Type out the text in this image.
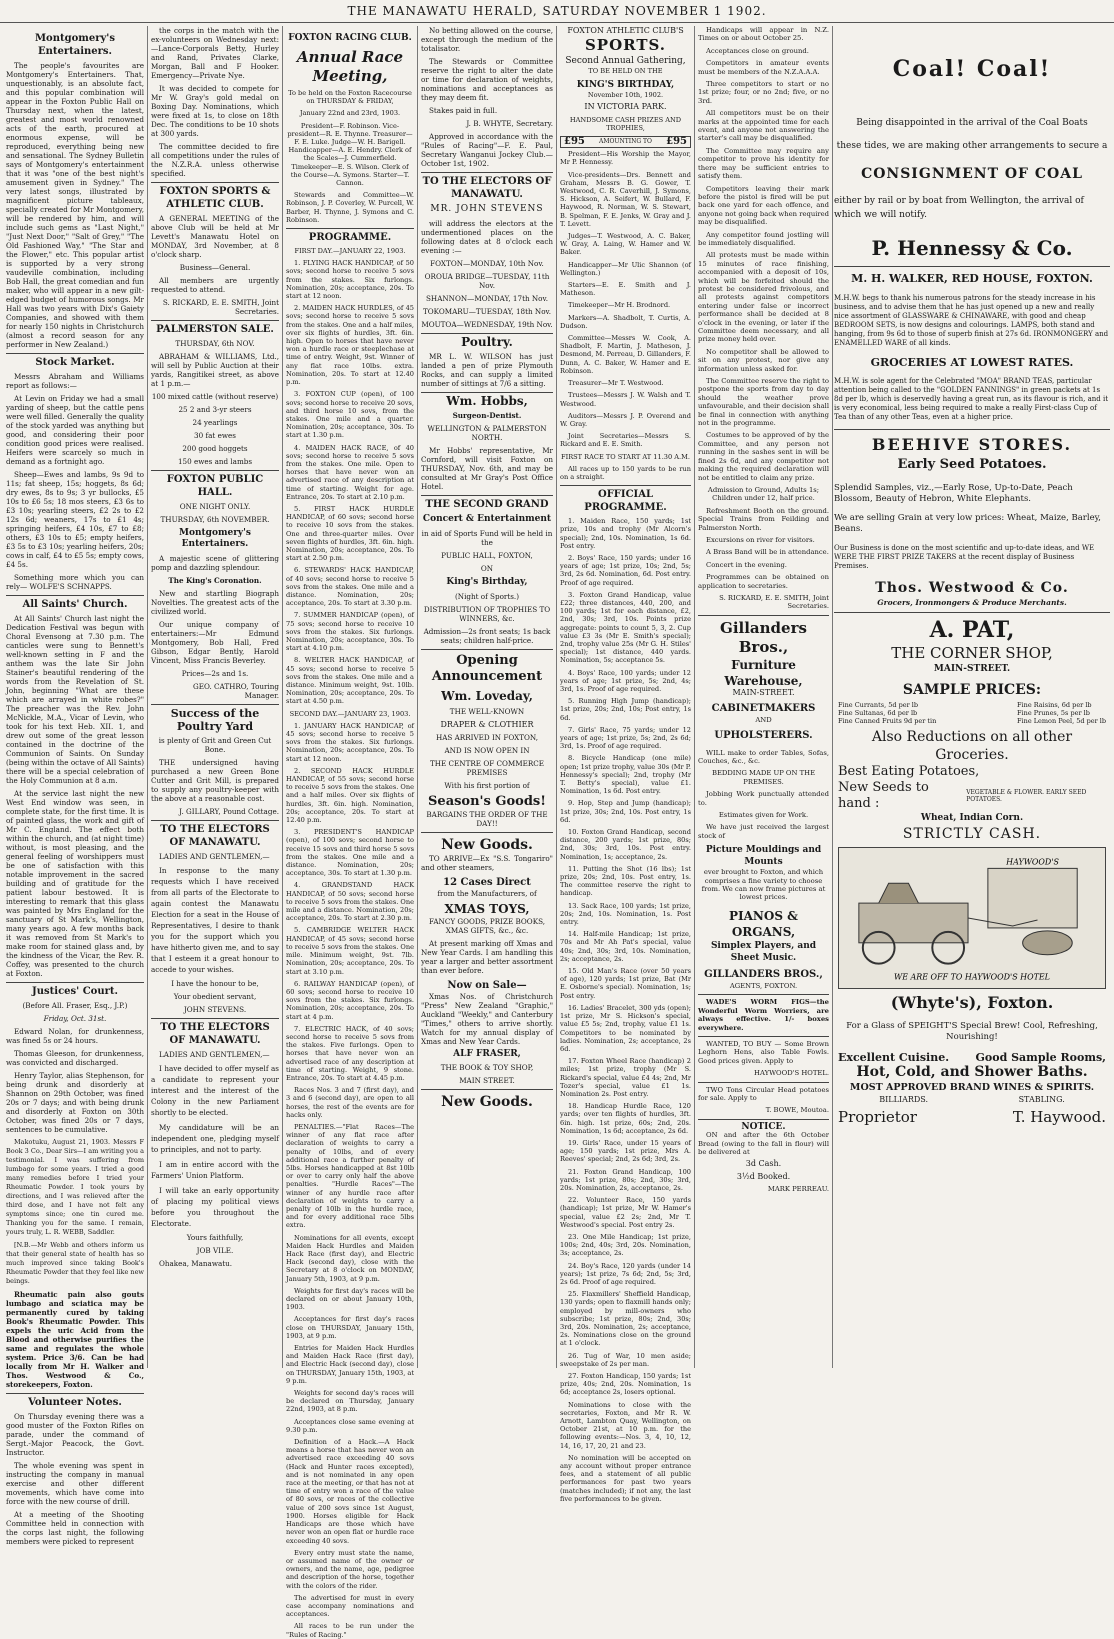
THE MANAWATU HERALD, SATURDAY NOVEMBER 1 1902.
Montgomery's Entertainers.

The people's favourites are Montgomery's Entertainers. That, unquestionably, is an absolute fact, and this popular combination will appear in the Foxton Public Hall on Thursday next, when the latest, greatest and most world renowned acts of the earth, procured at enormous expense, will be reproduced, everything being new and sensational. The Sydney Bulletin says of Montgomery's entertainment that it was "one of the best night's amusement given in Sydney." The very latest songs, illustrated by magnificent picture tableaux, specially created for Mr Montgomery, will be rendered by him, and will include such gems as "Last Night," "Just Next Door," "Salt of Grey," "The Old Fashioned Way," "The Star and the Flower," etc. This popular artist is supported by a very strong vaudeville combination, including Bob Hall, the great comedian and fun maker, who will appear in a new gilt-edged budget of humorous songs. Mr Hall was two years with Dix's Gaiety Companies, and showed with them for nearly 150 nights in Christchurch (almost a record season for any performer in New Zealand.)

Stock Market.

Messrs Abraham and Williams report as follows:—

At Levin on Friday we had a small yarding of sheep, but the cattle pens were well filled. Generally the quality of the stock yarded was anything but good, and considering their poor condition good prices were realised. Heifers were scarcely so much in demand as a fortnight ago.

Sheep—Ewes and lambs, 9s 9d to 11s; fat sheep, 15s; hoggets, 8s 6d; dry ewes, 8s to 9s; 3 yr bullocks, £5 10s to £6 5s; 18 mos steers, £3 6s to £3 10s; yearling steers, £2 2s to £2 12s 6d; weaners, 17s to £1 4s; springing heifers, £4 10s, £7 to £8; others, £3 10s to £5; empty heifers, £3 5s to £3 10s; yearling heifers, 20s; cows in calf, £4 to £5 5s; empty cows, £4 5s.

Something more which you can rely— WOLFE'S SCHNAPPS.

All Saints' Church.

At All Saints' Church last night the Dedication Festival was begun with Choral Evensong at 7.30 p.m. The canticles were sung to Bennett's well-known setting in F and the anthem was the late Sir John Stainer's beautiful rendering of the words from the Revelation of St. John, beginning "What are these which are arrayed in white robes?" The preacher was the Rev. John McNickle, M.A., Vicar of Levin, who took for his text Heb. XII. 1, and drew out some of the great lesson contained in the doctrine of the Communion of Saints. On Sunday (being within the octave of All Saints) there will be a special celebration of the Holy Communion at 8 a.m.

At the service last night the new West End window was seen, in complete state, for the first time. It is of painted glass, the work and gift of Mr C. England. The effect both within the church, and (at night time) without, is most pleasing, and the general feeling of worshippers must be one of satisfaction with this notable improvement in the sacred building and of gratitude for the patient labour bestowed. It is interesting to remark that this glass was painted by Mrs England for the sanctuary of St Mark's, Wellington, many years ago. A few months back it was removed from St Mark's to make room for stained glass and, by the kindness of the Vicar, the Rev. R. Coffey, was presented to the church at Foxton.

Justices' Court.

(Before All. Fraser, Esq., J.P.)

Friday, Oct. 31st.

Edward Nolan, for drunkenness, was fined 5s or 24 hours.

Thomas Gleeson, for drunkenness, was convicted and discharged.

Henry Taylor, alias Stephenson, for being drunk and disorderly at Shannon on 29th October, was fined 20s or 7 days; and with being drunk and disorderly at Foxton on 30th October, was fined 20s or 7 days, sentences to be cumulative.

Makotuku, August 21, 1903. Messrs F Book 3 Co., Dear Sirs—I am writing you a testimonial. I was suffering from lumbago for some years. I tried a good many remedies before I tried your Rheumatic Powder. I took yours by directions, and I was relieved after the third dose, and I have not felt any symptoms since; one tin cured me. Thanking you for the same. I remain, yours truly, L. R. WEBB, Saddler.

[N.B.—Mr Webb and others inform us that their general state of health has so much improved since taking Book's Rheumatic Powder that they feel like new beings.

Rheumatic pain also gouts lumbago and sciatica may be permanently cured by taking Book's Rheumatic Powder. This expels the uric Acid from the Blood and otherwise purifies the same and regulates the whole system. Price 3/6. Can be had locally from Mr H. Walker and Thos. Westwood & Co., storekeepers, Foxton.

Volunteer Notes.

On Thursday evening there was a good muster of the Foxton Rifles on parade, under the command of Sergt.-Major Peacock, the Govt. Instructor.

The whole evening was spent in instructing the company in manual exercise and other different movements, which have come into force with the new course of drill.

At a meeting of the Shooting Committee held in connection with the corps last night, the following members were picked to represent

the corps in the match with the ex-volunteers on Wednesday next:—Lance-Corporals Betty, Hurley and Rand, Privates Clarke, Morgan, Ball and F Hooker. Emergency—Private Nye.

It was decided to compete for Mr W. Gray's gold medal on Boxing Day. Nominations, which were fixed at 1s, to close on 18th Dec. The conditions to be 10 shots at 300 yards.

The committee decided to fire all competitions under the rules of the N.Z.R.A. unless otherwise specified.

FOXTON SPORTS & ATHLETIC CLUB.

A GENERAL MEETING of the above Club will be held at Mr Levett's Manawatu Hotel on MONDAY, 3rd November, at 8 o'clock sharp.

Business—General.

All members are urgently requested to attend.

S. RICKARD, E. E. SMITH, Joint Secretaries.

PALMERSTON SALE.

THURSDAY, 6th NOV.

ABRAHAM & WILLIAMS, Ltd., will sell by Public Auction at their yards, Rangitikei street, as above at 1 p.m.—

100 mixed cattle (without reserve)

25 2 and 3-yr steers

24 yearlings

30 fat ewes

200 good hoggets

150 ewes and lambs

FOXTON PUBLIC HALL.

ONE NIGHT ONLY.

THURSDAY, 6th NOVEMBER.

Montgomery's Entertainers.

A majestic scene of glittering pomp and dazzling splendour.

The King's Coronation.

New and startling Biograph Novelties. The greatest acts of the civilized world.

Our unique company of entertainers:—Mr Edmund Montgomery, Bob Hall, Fred Gibson, Edgar Bently, Harold Vincent, Miss Francis Beverley.

Prices—2s and 1s.

GEO. CATHRO, Touring Manager.

Success of the Poultry Yard

is plenty of Grit and Green Cut Bone.

THE undersigned having purchased a new Green Bone Cutter and Grit Mill, is prepared to supply any poultry-keeper with the above at a reasonable cost.

J. GILLARY, Pound Cottage.

TO THE ELECTORS OF MANAWATU.

LADIES AND GENTLEMEN,—

In response to the many requests which I have received from all parts of the Electorate to again contest the Manawatu Election for a seat in the House of Representatives, I desire to thank you for the support which you have hitherto given me, and to say that I esteem it a great honour to accede to your wishes.

I have the honour to be,

Your obedient servant,

JOHN STEVENS.

TO THE ELECTORS OF MANAWATU.

LADIES AND GENTLEMEN,—

I have decided to offer myself as a candidate to represent your interest and the interest of the Colony in the new Parliament shortly to be elected.

My candidature will be an independent one, pledging myself to principles, and not to party.

I am in entire accord with the Farmers' Union Platform.

I will take an early opportunity of placing my political views before you throughout the Electorate.

Yours faithfully,

JOB VILE.

Ohakea, Manawatu.

FOXTON RACING CLUB.
Annual Race Meeting,

To be held on the Foxton Racecourse on THURSDAY & FRIDAY,

January 22nd and 23rd, 1903.

President—F. Robinson. Vice-president—R. E. Thynne. Treasurer—F. E. Luke. Judge—W. H. Barigell. Handicapper—A. E. Hendry. Clerk of the Scales—J. Cummerfield. Timekeeper—E. S. Wilson. Clerk of the Course—A. Symons. Starter—T. Cannon.

Stewards and Committee—W. Robinson, J. P. Coverley, W. Purcell, W. Barber, H. Thynne, J. Symons and C. Robinson.

PROGRAMME.

FIRST DAY.—JANUARY 22, 1903.

1. FLYING HACK HANDICAP, of 50 sovs; second horse to receive 5 sovs from the stakes. Six furlongs. Nomination, 20s; acceptance, 20s. To start at 12 noon.

2. MAIDEN HACK HURDLES, of 45 sovs; second horse to receive 5 sovs from the stakes. One and a half miles, over six flights of hurdles, 3ft. 6in. high. Open to horses that have never won a hurdle race or steeplechase at time of entry. Weight, 9st. Winner of any flat race 10lbs. extra. Nomination, 20s. To start at 12.40 p.m.

3. FOXTON CUP (open), of 100 sovs; second horse to receive 20 sovs, and third horse 10 sovs, from the stakes. One mile and a quarter. Nomination, 20s; acceptance, 30s. To start at 1.30 p.m.

4. MAIDEN HACK RACE, of 40 sovs; second horse to receive 5 sovs from the stakes. One mile. Open to horses that have never won an advertised race of any description at time of starting. Weight for age. Entrance, 20s. To start at 2.10 p.m.

5. FIRST HACK HURDLE HANDICAP, of 60 sovs; second horse to receive 10 sovs from the stakes. One and three-quarter miles. Over seven flights of hurdles, 3ft. 6in. high. Nomination, 20s; acceptance, 20s. To start at 2.50 p.m.

6. STEWARDS' HACK HANDICAP, of 40 sovs; second horse to receive 5 sovs from the stakes. One mile and a distance. Nomination, 20s; acceptance, 20s. To start at 3.30 p.m.

7. SUMMER HANDICAP (open), of 75 sovs; second horse to receive 10 sovs from the stakes. Six furlongs. Nomination, 20s; acceptance, 30s. To start at 4.10 p.m.

8. WELTER HACK HANDICAP, of 45 sovs; second horse to receive 5 sovs from the stakes. One mile and a distance. Minimum weight, 9st. 10lb. Nomination, 20s; acceptance, 20s. To start at 4.50 p.m.

SECOND DAY.—JANUARY 23, 1903.

1. JANUARY HACK HANDICAP, of 45 sovs; second horse to receive 5 sovs from the stakes. Six furlongs. Nomination, 20s; acceptance, 20s. To start at 12 noon.

2. SECOND HACK HURDLE HANDICAP, of 55 sovs; second horse to receive 5 sovs from the stakes. One and a half miles. Over six flights of hurdles, 3ft. 6in. high. Nomination, 20s; acceptance, 20s. To start at 12.40 p.m.

3. PRESIDENT'S HANDICAP (open), of 100 sovs; second horse to receive 15 sovs and third horse 5 sovs from the stakes. One mile and a distance. Nomination, 20s; acceptance, 30s. To start at 1.30 p.m.

4. GRANDSTAND HACK HANDICAP, of 50 sovs; second horse to receive 5 sovs from the stakes. One mile and a distance. Nomination, 20s; acceptance, 20s. To start at 2.30 p.m.

5. CAMBRIDGE WELTER HACK HANDICAP, of 45 sovs; second horse to receive 5 sovs from the stakes. One mile. Minimum weight, 9st. 7lb. Nomination, 20s; acceptance, 20s. To start at 3.10 p.m.

6. RAILWAY HANDICAP (open), of 60 sovs; second horse to receive 10 sovs from the stakes. Six furlongs. Nomination, 20s; acceptance, 20s. To start at 4 p.m.

7. ELECTRIC HACK, of 40 sovs; second horse to receive 5 sovs from the stakes. Five furlongs. Open to horses that have never won an advertised race of any description at time of starting. Weight, 9 stone. Entrance, 20s. To start at 4.45 p.m.

Races Nos. 3 and 7 (first day), and 3 and 6 (second day), are open to all horses, the rest of the events are for hacks only.

PENALTIES.—"Flat Races—The winner of any flat race after declaration of weights to carry a penalty of 10lbs, and of every additional race a further penalty of 5lbs. Horses handicapped at 8st 10lb or over to carry only half the above penalties. "Hurdle Races"—The winner of any hurdle race after declaration of weights to carry a penalty of 10lb in the hurdle race, and for every additional race 5lbs extra.

Nominations for all events, except Maiden Hack Hurdles and Maiden Hack Race (first day), and Electric Hack (second day), close with the Secretary at 8 o'clock on MONDAY, January 5th, 1903, at 9 p.m.

Weights for first day's races will be declared on or about January 10th, 1903.

Acceptances for first day's races close on THURSDAY, January 15th, 1903, at 9 p.m.

Entries for Maiden Hack Hurdles and Maiden Hack Race (first day), and Electric Hack (second day), close on THURSDAY, January 15th, 1903, at 9 p.m.

Weights for second day's races will be declared on Thursday, January 22nd, 1903, at 8 p.m.

Acceptances close same evening at 9.30 p.m.

Definition of a Hack.—A Hack means a horse that has never won an advertised race exceeding 40 sovs (Hack and Hunter races excepted), and is not nominated in any open race at the meeting, or that has not at time of entry won a race of the value of 80 sovs, or races of the collective value of 200 sovs since 1st August, 1900. Horses eligible for Hack Handicaps are those which have never won an open flat or hurdle race exceeding 40 sovs.

Every entry must state the name, or assumed name of the owner or owners, and the name, age, pedigree and description of the horse, together with the colors of the rider.

The advertised for must in every case accompany nominations and acceptances.

All races to be run under the "Rules of Racing."

No betting allowed on the course, except through the medium of the totalisator.

The Stewards or Committee reserve the right to alter the date or time for declaration of weights, nominations and acceptances as they may deem fit.

Stakes paid in full.

J. B. WHYTE, Secretary.

Approved in accordance with the "Rules of Racing"—F. E. Paul, Secretary Wanganui Jockey Club.—October 1st, 1902.

TO THE ELECTORS OF MANAWATU.

MR. JOHN STEVENS

will address the electors at the undermentioned places on the following dates at 8 o'clock each evening :—

FOXTON—MONDAY, 10th Nov.

OROUA BRIDGE—TUESDAY, 11th Nov.

SHANNON—MONDAY, 17th Nov.

TOKOMARU—TUESDAY, 18th Nov.

MOUTOA—WEDNESDAY, 19th Nov.

Poultry.

MR L. W. WILSON has just landed a pen of prize Plymouth Rocks, and can supply a limited number of sittings at 7/6 a sitting.

Wm. Hobbs,

Surgeon-Dentist.

WELLINGTON & PALMERSTON NORTH.

Mr Hobbs' representative, Mr Cornford, will visit Foxton on THURSDAY, Nov. 6th, and may be consulted at Mr Gray's Post Office Hotel.

THE SECOND GRAND

Concert & Entertainment

in aid of Sports Fund will be held in the

PUBLIC HALL, FOXTON,

ON

King's Birthday,

(Night of Sports.)

DISTRIBUTION OF TROPHIES TO WINNERS, &c.

Admission—2s front seats; 1s back seats; children half-price.

Opening Announcement
Wm. Loveday,

THE WELL-KNOWN

DRAPER & CLOTHIER

HAS ARRIVED IN FOXTON,

AND IS NOW OPEN IN

THE CENTRE OF COMMERCE PREMISES

With his first portion of

Season's Goods!

BARGAINS THE ORDER OF THE DAY!!

New Goods.

TO ARRIVE—Ex "S.S. Tongariro" and other steamers,

12 Cases Direct

from the Manufacturers, of

XMAS TOYS,

FANCY GOODS, PRIZE BOOKS, XMAS GIFTS, &c., &c.

At present marking off Xmas and New Year Cards. I am handling this year a larger and better assortment than ever before.

Now on Sale—

Xmas Nos. of Christchurch "Press" New Zealand "Graphic," Auckland "Weekly," and Canterbury "Times," others to arrive shortly. Watch for my annual display of Xmas and New Year Cards.

ALF FRASER,

THE BOOK & TOY SHOP,

MAIN STREET.

New Goods.
FOXTON ATHLETIC CLUB'S
SPORTS.
Second Annual Gathering,

TO BE HELD ON THE

KING'S BIRTHDAY,

November 10th, 1902.

IN VICTORIA PARK.

HANDSOME CASH PRIZES AND TROPHIES,

£95 AMOUNTING TO £95

President—His Worship the Mayor, Mr P. Hennessy.

Vice-presidents—Drs. Bennett and Graham, Messrs B. G. Gower, T. Westwood, C. R. Caverhill, J. Symons, S. Hickson, A. Seifert, W. Bullard, F. Haywood, R. Norman, W. S. Stewart, B. Spelman, F. E. Jenks, W. Gray and J. T. Levett.

Judges—T. Westwood, A. C. Baker, W. Gray, A. Laing, W. Hamer and W. Baker.

Handicapper—Mr Ulic Shannon (of Wellington.)

Starters—E. E. Smith and J. Matheson.

Timekeeper—Mr H. Brodnord.

Markers—A. Shadbolt, T. Curtis, A. Dudson.

Committee—Messrs W. Cook, A. Shadbolt, F. Martin, J. Matheson, J. Desmond, M. Perreau, D. Gillanders, F. Dunn, A. C. Baker, W. Hamer and E. Robinson.

Treasurer—Mr T. Westwood.

Trustees—Messrs J. W. Walsh and T. Westwood.

Auditors—Messrs J. P. Overend and W. Gray.

Joint Secretaries—Messrs S. Rickard and E. E. Smith.

FIRST RACE TO START AT 11.30 A.M.

All races up to 150 yards to be run on a straight.

OFFICIAL PROGRAMME.

1. Maiden Race, 150 yards; 1st prize, 10s and trophy (Mr Alcorn's special); 2nd, 10s. Nomination, 1s 6d. Post entry.

2. Boys' Race, 150 yards; under 16 years of age; 1st prize, 10s; 2nd, 5s; 3rd, 2s 6d. Nomination, 6d. Post entry. Proof of age required.

3. Foxton Grand Handicap, value £22; three distances, 440, 200, and 100 yards; 1st for each distance, £2, 2nd, 30s; 3rd, 10s. Points prize aggregate: points to count 5, 3, 2. Cup value £3 3s (Mr E. Smith's special); 2nd, trophy value 25s (Mr G. H. Stiles' special); 1st distance, 440 yards. Nomination, 5s; acceptance 5s.

4. Boys' Race, 100 yards; under 12 years of age; 1st prize, 5s; 2nd, 4s; 3rd, 1s. Proof of age required.

5. Running High Jump (handicap); 1st prize, 20s; 2nd, 10s; Post entry, 1s 6d.

7. Girls' Race, 75 yards; under 12 years of age; 1st prize, 5s; 2nd, 2s 6d; 3rd, 1s. Proof of age required.

8. Bicycle Handicap (one mile) open; 1st prize trophy, value 30s (Mr P. Hennessy's special); 2nd, trophy (Mr T. Betty's special), value £1. Nomination, 1s 6d. Post entry.

9. Hop, Step and Jump (handicap); 1st prize, 30s; 2nd, 10s. Post entry, 1s 6d.

10. Foxton Grand Handicap, second distance, 200 yards; 1st prize, 80s; 2nd, 30s; 3rd, 10s. Post entry. Nomination, 1s; acceptance, 2s.

11. Putting the Shot (16 lbs); 1st prize, 20s; 2nd, 10s. Post entry, 1s. The committee reserve the right to handicap.

13. Sack Race, 100 yards; 1st prize, 20s; 2nd, 10s. Nomination, 1s. Post entry.

14. Half-mile Handicap; 1st prize, 70s and Mr Ah Pat's special, value 40s; 2nd, 30s; 3rd, 10s. Nomination, 2s; acceptance, 2s.

15. Old Man's Race (over 50 years of age), 120 yards; 1st prize, Bat (Mr E. Osborne's special). Nomination, 1s; Post entry.

16. Ladies' Bracelet, 300 yds (open); 1st prize, Mr S. Hickson's special, value £5 5s; 2nd, trophy, value £1 1s. Competitors to be nominated by ladies. Nomination, 2s; acceptance, 2s 6d.

17. Foxton Wheel Race (handicap) 2 miles; 1st prize, trophy (Mr S. Rickard's special, value £4 4s; 2nd, Mr Tozer's special, value £1 1s. Nomination 2s. Post entry.

18. Handicap Hurdle Race, 120 yards; over ten flights of hurdles, 3ft. 6in. high. 1st prize, 60s; 2nd, 20s. Nomination, 1s 6d; acceptance, 2s 6d.

19. Girls' Race, under 15 years of age; 150 yards; 1st prize, Mrs A. Reeves' special; 2nd, 2s 6d; 3rd, 2s.

21. Foxton Grand Handicap, 100 yards; 1st prize, 80s; 2nd, 30s; 3rd, 20s. Nomination, 2s, acceptance, 2s.

22. Volunteer Race, 150 yards (handicap); 1st prize, Mr W. Hamer's special, value £2 2s; 2nd, Mr T. Westwood's special. Post entry 2s.

23. One Mile Handicap; 1st prize, 100s; 2nd, 40s; 3rd, 20s. Nomination, 3s; acceptance, 2s.

24. Boy's Race, 120 yards (under 14 years); 1st prize, 7s 6d; 2nd, 5s; 3rd, 2s 6d. Proof of age required.

25. Flaxmillers' Sheffield Handicap, 130 yards; open to flaxmill hands only; employed by mill-owners who subscribe; 1st prize, 80s; 2nd, 30s; 3rd, 20s. Nomination, 2s; acceptance, 2s. Nominations close on the ground at 1 o'clock.

26. Tug of War, 10 men aside; sweepstake of 2s per man.

27. Foxton Handicap, 150 yards; 1st prize, 40s; 2nd, 20s. Nomination, 1s 6d; acceptance 2s, losers optional.

Nominations to close with the secretaries, Foxton, and Mr R. W. Arnott, Lambton Quay, Wellington, on October 21st, at 10 p.m. for the following events:—Nos. 3, 4, 10, 12, 14, 16, 17, 20, 21 and 23.

No nomination will be accepted on any account without proper entrance fees, and a statement of all public performances for past two years (matches included); if not any, the last five performances to be given.

Handicaps will appear in N.Z. Times on or about October 25.

Acceptances close on ground.

Competitors in amateur events must be members of the N.Z.A.A.A.

Three competitors to start or no 1st prize; four, or no 2nd; five, or no 3rd.

All competitors must be on their marks at the appointed time for each event, and anyone not answering the starter's call may be disqualified.

The Committee may require any competitor to prove his identity for there may be sufficient entries to satisfy them.

Competitors leaving their mark before the pistol is fired will be put back one yard for each offence, and anyone not going back when required may be disqualified.

Any competitor found jostling will be immediately disqualified.

All protests must be made within 15 minutes of race finishing, accompanied with a deposit of 10s, which will be forfeited should the protest be considered frivolous, and all protests against competitors entering under false or incorrect performance shall be decided at 8 o'clock in the evening, or later if the Committee deem necessary, and all prize money held over.

No competitor shall be allowed to sit on any protest, nor give any information unless asked for.

The Committee reserve the right to postpone the sports from day to day should the weather prove unfavourable, and their decision shall be final in connection with anything not in the programme.

Costumes to be approved of by the Committee, and any person not running in the sashes sent in will be fined 2s 6d, and any competitor not making the required declaration will not be entitled to claim any prize.

Admission to Ground, Adults 1s; Children under 12, half price.

Refreshment Booth on the ground. Special Trains from Feilding and Palmerston North.

Excursions on river for visitors.

A Brass Band will be in attendance.

Concert in the evening.

Programmes can be obtained on application to secretaries.

S. RICKARD, E. E. SMITH, Joint Secretaries.

Gillanders Bros.,
Furniture Warehouse,

MAIN-STREET.

CABINETMAKERS

AND

UPHOLSTERERS.

WILL make to order Tables, Sofas, Couches, &c., &c.

BEDDING MADE UP ON THE PREMISES.

Jobbing Work punctually attended to.

Estimates given for Work.

We have just received the largest stock of

Picture Mouldings and Mounts

ever brought to Foxton, and which comprises a fine variety to choose from. We can now frame pictures at lowest prices.

PIANOS & ORGANS,
Simplex Players, and
Sheet Music.
GILLANDERS BROS.,

AGENTS, FOXTON.

WADE'S WORM FIGS—the Wonderful Worm Worriers, are always effective. 1/- boxes everywhere.

WANTED, TO BUY — Some Brown Leghorn Hens, also Table Fowls. Good prices given. Apply to

HAYWOOD'S HOTEL.

TWO Tons Circular Head potatoes for sale. Apply to

T. BOWE, Moutoa.

NOTICE.

ON and after the 6th October Bread (owing to the fall in flour) will be delivered at

3d Cash.

3½d Booked.

MARK PERREAU.

Coal! Coal!

Being disappointed in the arrival of the Coal Boats

these tides, we are making other arrangements to secure a

CONSIGNMENT OF COAL

either by rail or by boat from Wellington, the arrival of which we will notify.

P. Hennessy & Co.
M. H. WALKER, RED HOUSE, FOXTON.

M.H.W. begs to thank his numerous patrons for the steady increase in his business, and to advise them that he has just opened up a new and really nice assortment of GLASSWARE & CHINAWARE, with good and cheap BEDROOM SETS, is now designs and colourings. LAMPS, both stand and hanging, from 9s 6d to those of superb finish at 27s 6d. IRONMONGERY and ENAMELLED WARE of all kinds.

GROCERIES AT LOWEST RATES.

M.H.W. is sole agent for the Celebrated "MOA" BRAND TEAS, particular attention being called to the "GOLDEN FANNINGS" in green packets at 1s 8d per lb, which is deservedly having a great run, as its flavour is rich, and it is very economical, less being required to make a really First-class Cup of Tea than of any other Teas, even at a higher price.

BEEHIVE STORES.
Early Seed Potatoes.

Splendid Samples, viz.,—Early Rose, Up-to-Date, Peach Blossom, Beauty of Hebron, White Elephants.

We are selling Grain at very low prices: Wheat, Maize, Barley, Beans.

Our Business is done on the most scientific and up-to-date ideas, and WE WERE THE FIRST PRIZE TAKERS at the recent display of Business Premises.

Thos. Westwood & Co.
Grocers, Ironmongers & Produce Merchants.
A. PAT,
THE CORNER SHOP,
MAIN-STREET.
SAMPLE PRICES:

Fine Currants, 5d per lb

Fine Sultanas, 6d per lb

Fine Canned Fruits 9d per tin

Fine Raisins, 6d per lb

Fine Prunes, 5s per lb

Fine Lemon Peel, 5d per lb

Also Reductions on all other Groceries.
Best Eating Potatoes,
New Seeds to hand :
VEGETABLE & FLOWER. EARLY SEED POTATOES.
Wheat, Indian Corn.
STRICTLY CASH.
HAYWOOD'S
WE ARE OFF TO HAYWOOD'S HOTEL
(Whyte's), Foxton.

For a Glass of SPEIGHT'S Special Brew! Cool, Refreshing, Nourishing!

Excellent Cuisine. Good Sample Rooms,
Hot, Cold, and Shower Baths.
MOST APPROVED BRAND WINES & SPIRITS.
BILLIARDS.	STABLING.
Proprietor	T. Haywood.
